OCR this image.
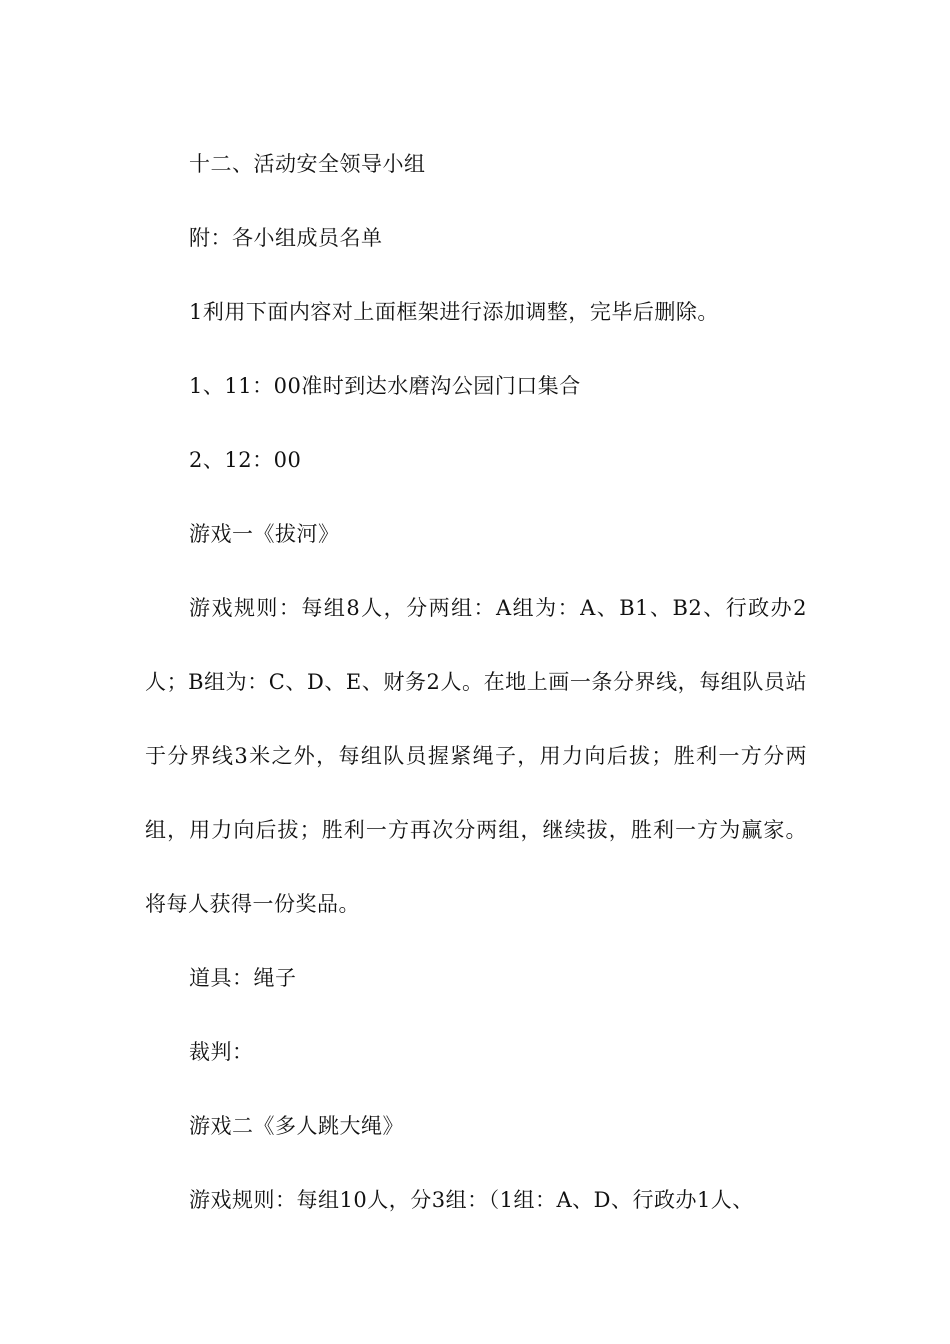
十二、活动安全领导小组

附：各小组成员名单

1利用下面内容对上面框架进行添加调整，完毕后删除。

1、11：00准时到达水磨沟公园门口集合

2、12：00

游戏一《拔河》

游戏规则：每组8人，分两组：A组为：A、B1、B2、行政办2人；B组为：C、D、E、财务2人。在地上画一条分界线，每组队员站于分界线3米之外，每组队员握紧绳子，用力向后拔；胜利一方分两组，用力向后拔；胜利一方再次分两组，继续拔，胜利一方为赢家。将每人获得一份奖品。

道具：绳子

裁判：

游戏二《多人跳大绳》

游戏规则：每组10人，分3组：（1组：A、D、行政办1人、
